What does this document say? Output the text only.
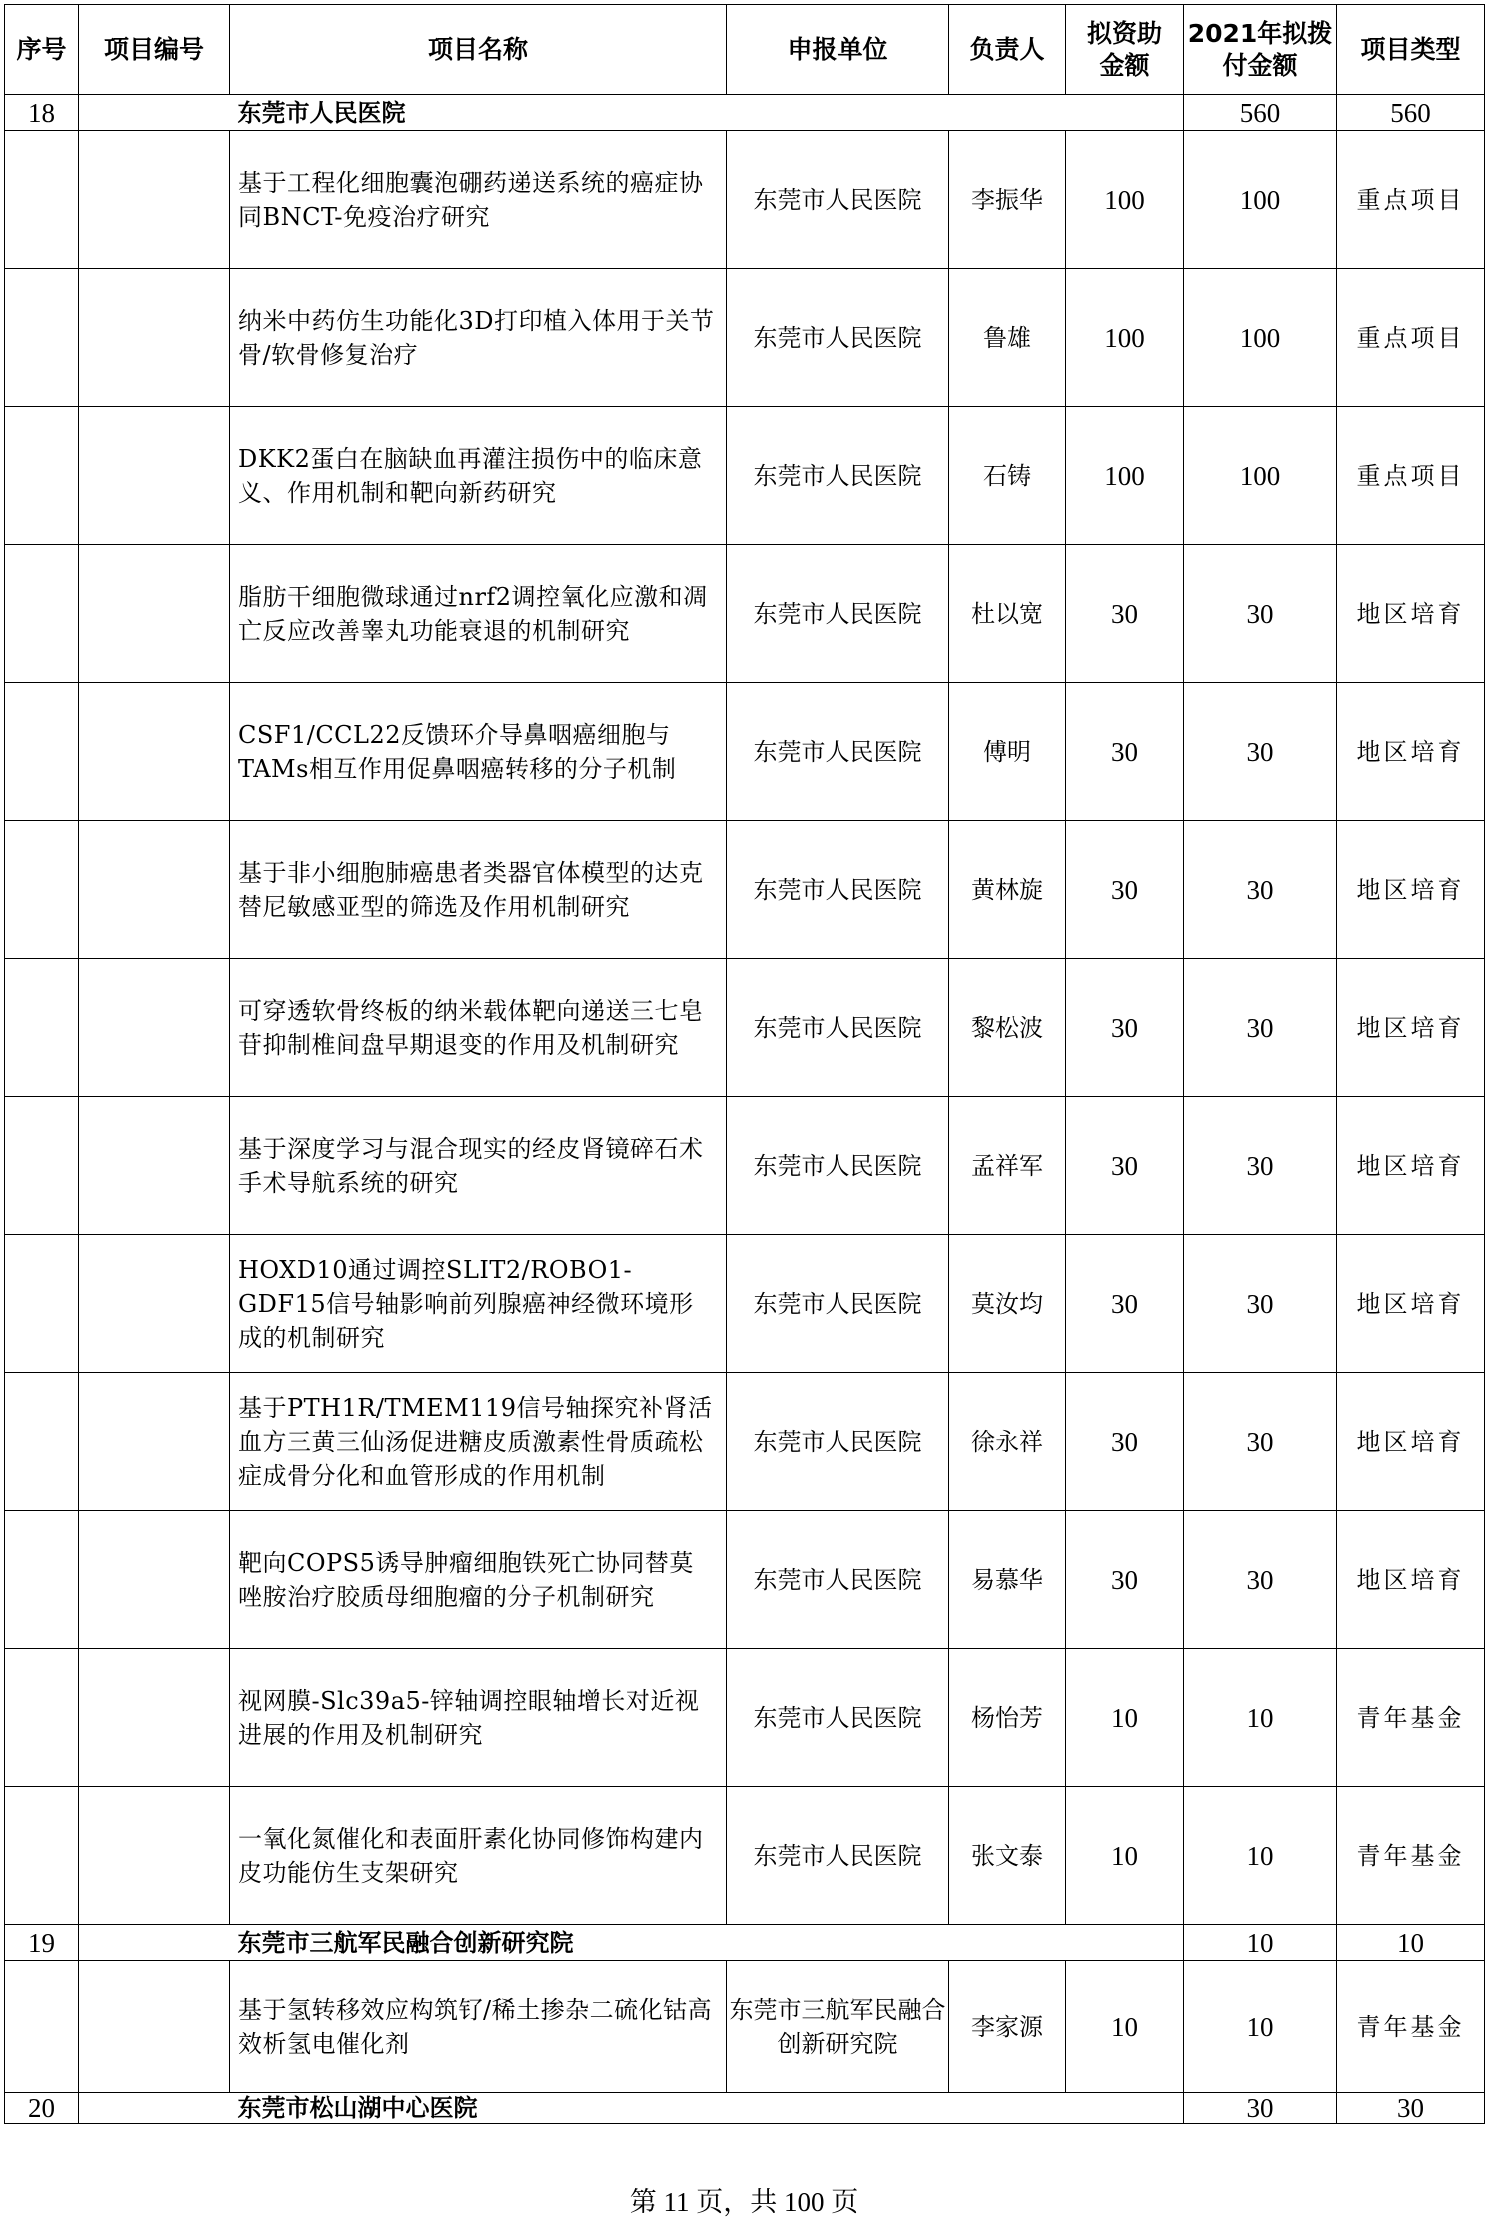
序号	项目编号	项目名称	申报单位	负责人	拟资助金额	2021年拟拨付金额	项目类型	
18		东莞市人民医院				560	560	
		基于工程化细胞囊泡硼药递送系统的癌症协同BNCT-免疫治疗研究	东莞市人民医院	李振华	100	100	重点项目	
		纳米中药仿生功能化3D打印植入体用于关节骨/软骨修复治疗	东莞市人民医院	鲁雄	100	100	重点项目	
		DKK2蛋白在脑缺血再灌注损伤中的临床意义、作用机制和靶向新药研究	东莞市人民医院	石铸	100	100	重点项目	
		脂肪干细胞微球通过nrf2调控氧化应激和凋亡反应改善睾丸功能衰退的机制研究	东莞市人民医院	杜以宽	30	30	地区培育	
		CSF1/CCL22反馈环介导鼻咽癌细胞与TAMs相互作用促鼻咽癌转移的分子机制	东莞市人民医院	傅明	30	30	地区培育	
		基于非小细胞肺癌患者类器官体模型的达克替尼敏感亚型的筛选及作用机制研究	东莞市人民医院	黄林旋	30	30	地区培育	
		可穿透软骨终板的纳米载体靶向递送三七皂苷抑制椎间盘早期退变的作用及机制研究	东莞市人民医院	黎松波	30	30	地区培育	
		基于深度学习与混合现实的经皮肾镜碎石术手术导航系统的研究	东莞市人民医院	孟祥军	30	30	地区培育	
		HOXD10通过调控SLIT2/ROBO1-GDF15信号轴影响前列腺癌神经微环境形成的机制研究	东莞市人民医院	莫汝均	30	30	地区培育	
		基于PTH1R/TMEM119信号轴探究补肾活血方三黄三仙汤促进糖皮质激素性骨质疏松症成骨分化和血管形成的作用机制	东莞市人民医院	徐永祥	30	30	地区培育	
		靶向COPS5诱导肿瘤细胞铁死亡协同替莫唑胺治疗胶质母细胞瘤的分子机制研究	东莞市人民医院	易慕华	30	30	地区培育	
		视网膜-Slc39a5-锌轴调控眼轴增长对近视进展的作用及机制研究	东莞市人民医院	杨怡芳	10	10	青年基金	
		一氧化氮催化和表面肝素化协同修饰构建内皮功能仿生支架研究	东莞市人民医院	张文泰	10	10	青年基金	
19		东莞市三航军民融合创新研究院				10	10	
		基于氢转移效应构筑钌/稀土掺杂二硫化钴高效析氢电催化剂	东莞市三航军民融合创新研究院	李家源	10	10	青年基金	
20		东莞市松山湖中心医院				30	30	
第 11 页，共 100 页
